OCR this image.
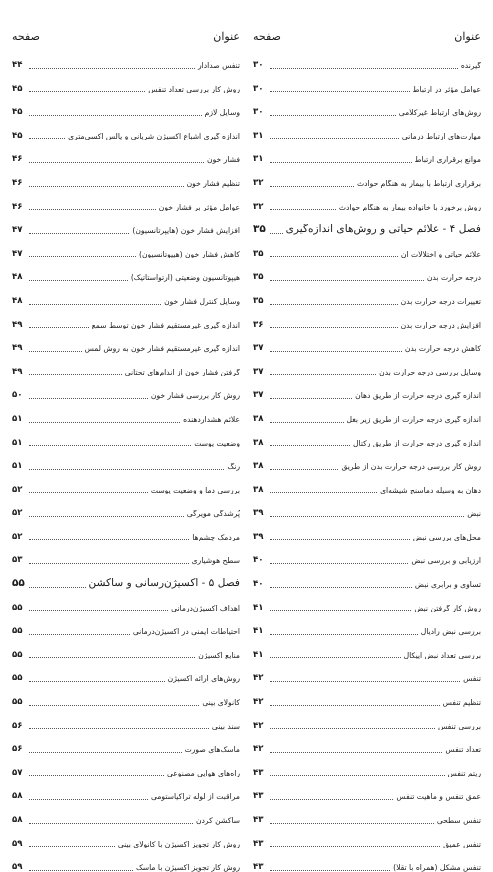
عنوان
صفحه
گیرنده
۳۰
عوامل مؤثر در ارتباط
۳۰
روش‌های ارتباط غیرکلامی
۳۰
مهارت‌های ارتباط درمانی
۳۱
موانع برقراری ارتباط
۳۱
برقراری ارتباط با بیمار به هنگام حوادث
۳۲
روش برخورد با خانواده بیمار به هنگام حوادث
۳۲
فصل ۴ - علائم حیاتی و روش‌های اندازه‌گیری
۳۵
علائم حیاتی و اختلالات آن
۳۵
درجه حرارت بدن
۳۵
تغییرات درجه حرارت بدن
۳۵
افزایش درجه حرارت بدن
۳۶
کاهش درجه حرارت بدن
۳۷
وسایل بررسی درجه حرارت بدن
۳۷
اندازه گیری درجه حرارت از طریق دهان
۳۷
اندازه گیری درجه حرارت از طریق زیر بغل
۳۸
اندازه گیری درجه حرارت از طریق رکتال
۳۸
روش کار بررسی درجه حرارت بدن از طریق
۳۸
دهان به وسیله دماسنج شیشه‌ای
۳۸
نبض
۳۹
محل‌های بررسی نبض
۳۹
ارزیابی و بررسی نبض
۴۰
تساوی و برابری نبض
۴۰
روش کار گرفتن نبض
۴۱
بررسی نبض رادیال
۴۱
بررسی تعداد نبض اپیکال
۴۱
تنفس
۴۲
تنظیم تنفس
۴۲
بررسی تنفس
۴۲
تعداد تنفس
۴۲
ریتم تنفس
۴۳
عمق تنفس و ماهیت تنفس
۴۳
تنفس سطحی
۴۳
تنفس عمیق
۴۳
تنفس مشکل (همراه با تقلا)
۴۳
عنوان
صفحه
تنفس صدادار
۴۴
روش کار بررسی تعداد تنفس
۴۵
وسایل لازم
۴۵
اندازه گیری اشباع اکسیژن شریانی و پالس اکسی‌متری
۴۵
فشار خون
۴۶
تنظیم فشار خون
۴۶
عوامل مؤثر بر فشار خون
۴۶
افزایش فشار خون (هایپرتانسیون)
۴۷
کاهش فشار خون (هیپوتانسیون)
۴۷
هیپوتانسیون وضعیتی (ارتواستاتیک)
۴۸
وسایل کنترل فشار خون
۴۸
اندازه گیری غیرمستقیم فشار خون توسط سمع
۴۹
اندازه گیری غیرمستقیم فشار خون به روش لمس
۴۹
گرفتن فشار خون از اندام‌های تحتانی
۴۹
روش کار بررسی فشار خون
۵۰
علائم هشداردهنده
۵۱
وضعیت پوست
۵۱
رنگ
۵۱
بررسی دما و وضعیت پوست
۵۲
پُرشدگی مویرگی
۵۲
مردمک چشم‌ها
۵۲
سطح هوشیاری
۵۳
فصل ۵ - اکسیژن‌رسانی و ساکشن
۵۵
اهداف اکسیژن‌درمانی
۵۵
احتیاطات ایمنی در اکسیژن‌درمانی
۵۵
منابع اکسیژن
۵۵
روش‌های ارائه اکسیژن
۵۵
کانولای بینی
۵۵
سند بینی
۵۶
ماسک‌های صورت
۵۶
راه‌های هوایی مصنوعی
۵۷
مراقبت از لوله تراکیاستومی
۵۸
ساکشن کردن
۵۸
روش کار تجویز اکسیژن با کانولای بینی
۵۹
روش کار تجویز اکسیژن با ماسک
۵۹
